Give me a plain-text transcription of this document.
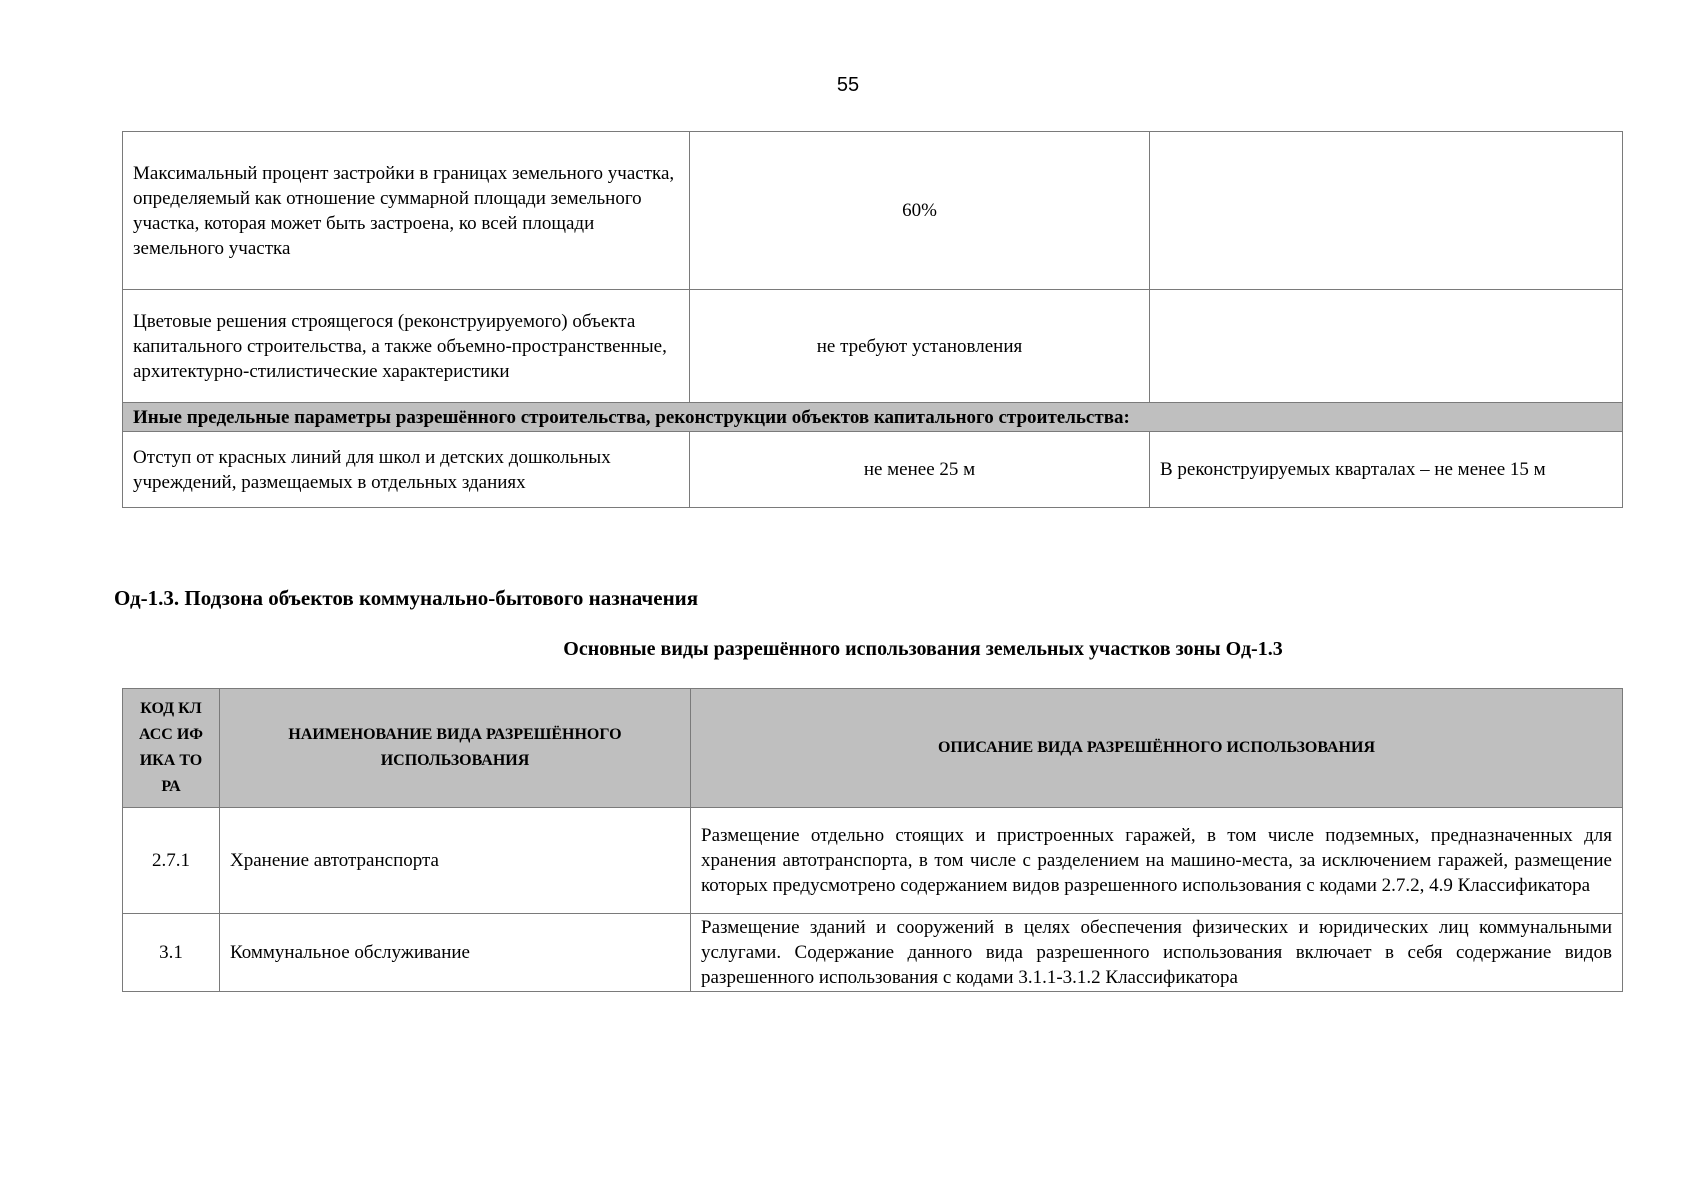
55
Максимальный процент застройки в границах земельного участка, определяемый как отношение суммарной площади земельного участка, которая может быть застроена, ко всей площади земельного участка	60%	
Цветовые решения строящегося (реконструируемого) объекта капитального строительства, а также объемно-пространственные, архитектурно-стилистические характеристики	не требуют установления	
Иные предельные параметры разрешённого строительства, реконструкции объектов капитального строительства:		
Отступ от красных линий для школ и детских дошкольных учреждений, размещаемых в отдельных зданиях	не менее 25 м	В реконструируемых кварталах – не менее 15 м
Од-1.3. Подзона объектов коммунально-бытового назначения
Основные виды разрешённого использования земельных участков зоны Од-1.3
КОД КЛАСС ИФИКА ТОРА	НАИМЕНОВАНИЕ ВИДА РАЗРЕШЁННОГО ИСПОЛЬЗОВАНИЯ	ОПИСАНИЕ ВИДА РАЗРЕШЁННОГО ИСПОЛЬЗОВАНИЯ
2.7.1	Хранение автотранспорта	Размещение отдельно стоящих и пристроенных гаражей, в том числе подземных, предназначенных для хранения автотранспорта, в том числе с разделением на машино-места, за исключением гаражей, размещение которых предусмотрено содержанием видов разрешенного использования с кодами 2.7.2, 4.9 Классификатора
3.1	Коммунальное обслуживание	Размещение зданий и сооружений в целях обеспечения физических и юридических лиц коммунальными услугами. Содержание данного вида разрешенного использования включает в себя содержание видов разрешенного использования с кодами 3.1.1-3.1.2 Классификатора
